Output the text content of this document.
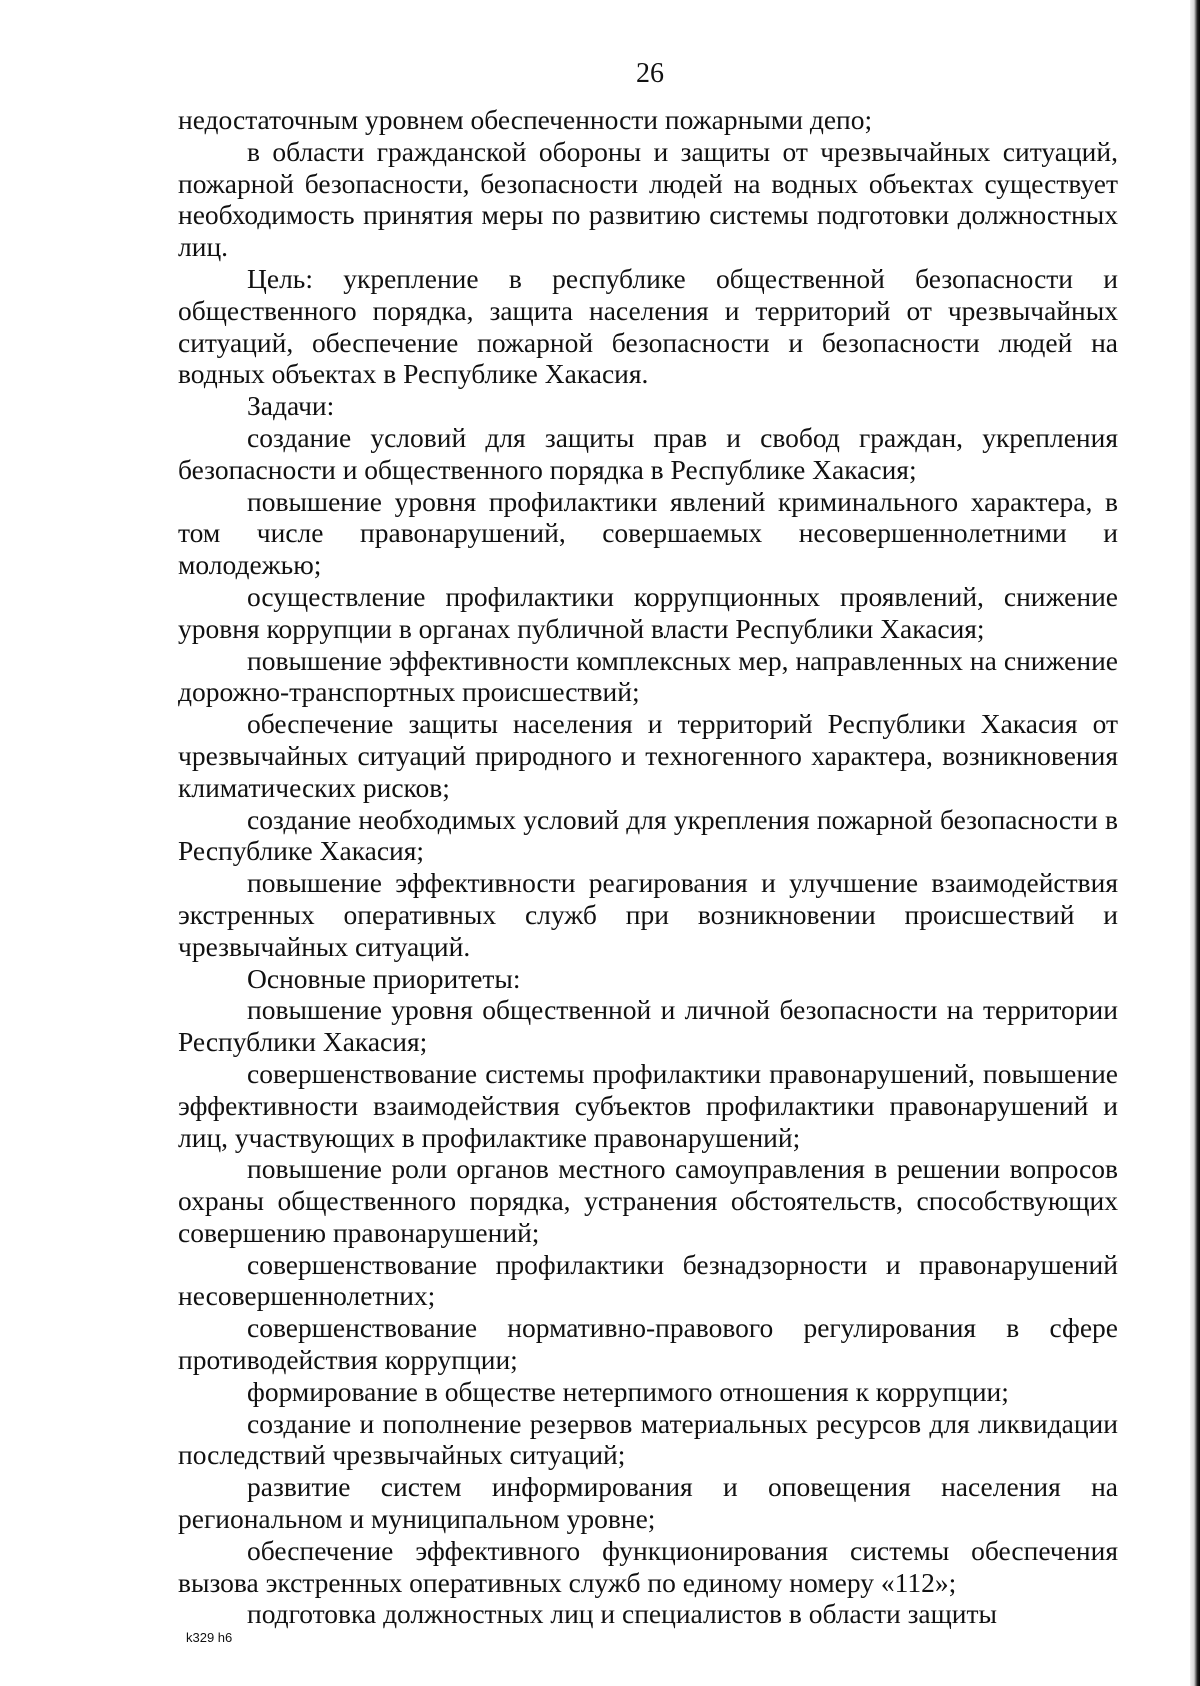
26

недостаточным уровнем обеспеченности пожарными депо;

в области гражданской обороны и защиты от чрезвычайных ситуаций, пожарной безопасности, безопасности людей на водных объектах существует необходимость принятия меры по развитию системы подготовки должностных лиц.

Цель: укрепление в республике общественной безопасности и общественного порядка, защита населения и территорий от чрезвычайных ситуаций, обеспечение пожарной безопасности и безопасности людей на водных объектах в Республике Хакасия.

Задачи:

создание условий для защиты прав и свобод граждан, укрепления безопасности и общественного порядка в Республике Хакасия;

повышение уровня профилактики явлений криминального характера, в том числе правонарушений, совершаемых несовершеннолетними и молодежью;

осуществление профилактики коррупционных проявлений, снижение уровня коррупции в органах публичной власти Республики Хакасия;

повышение эффективности комплексных мер, направленных на снижение дорожно-транспортных происшествий;

обеспечение защиты населения и территорий Республики Хакасия от чрезвычайных ситуаций природного и техногенного характера, возникновения климатических рисков;

создание необходимых условий для укрепления пожарной безопасности в Республике Хакасия;

повышение эффективности реагирования и улучшение взаимодействия экстренных оперативных служб при возникновении происшествий и чрезвычайных ситуаций.

Основные приоритеты:

повышение уровня общественной и личной безопасности на территории Республики Хакасия;

совершенствование системы профилактики правонарушений, повышение эффективности взаимодействия субъектов профилактики правонарушений и лиц, участвующих в профилактике правонарушений;

повышение роли органов местного самоуправления в решении вопросов охраны общественного порядка, устранения обстоятельств, способствующих совершению правонарушений;

совершенствование профилактики безнадзорности и правонарушений несовершеннолетних;

совершенствование нормативно-правового регулирования в сфере противодействия коррупции;

формирование в обществе нетерпимого отношения к коррупции;

создание и пополнение резервов материальных ресурсов для ликвидации последствий чрезвычайных ситуаций;

развитие систем информирования и оповещения населения на региональном и муниципальном уровне;

обеспечение эффективного функционирования системы обеспечения вызова экстренных оперативных служб по единому номеру «112»;

подготовка должностных лиц и специалистов в области защиты

k329 h6
